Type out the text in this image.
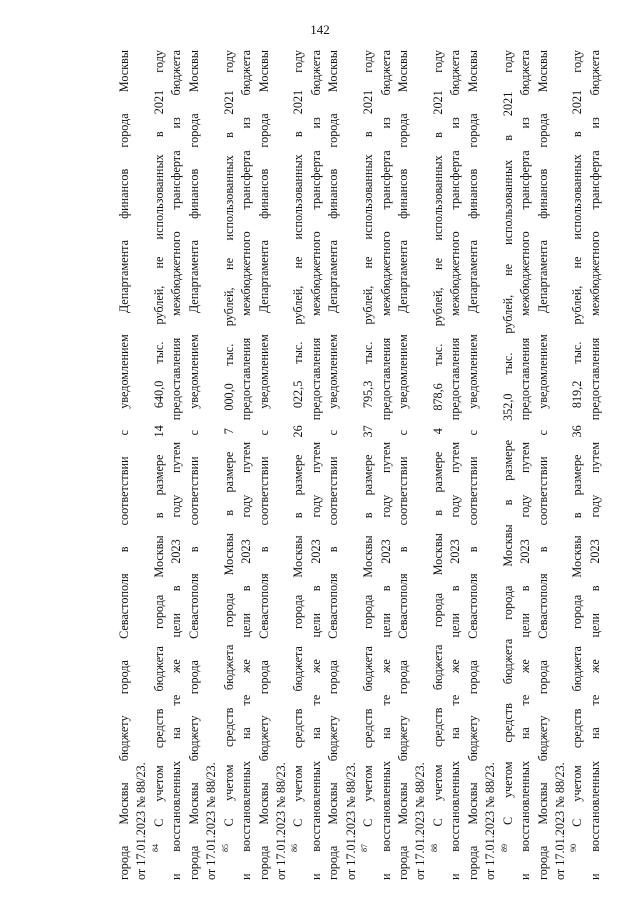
142
города Москвы бюджету города Севастополя в соответствии с уведомлением Департамента финансов города Москвы от 17.01.2023 № 88/23. $^{84}$ С учетом средств бюджета города Москвы в размере 14 640,0 тыс. рублей, не использованных в 2021 году и восстановленных на те же цели в 2023 году путем предоставления межбюджетного трансферта из бюджета города Москвы бюджету города Севастополя в соответствии с уведомлением Департамента финансов города Москвы от 17.01.2023 № 88/23. $^{85}$ С учетом средств бюджета города Москвы в размере 7 000,0 тыс. рублей, не использованных в 2021 году и восстановленных на те же цели в 2023 году путем предоставления межбюджетного трансферта из бюджета города Москвы бюджету города Севастополя в соответствии с уведомлением Департамента финансов города Москвы от 17.01.2023 № 88/23. $^{86}$ С учетом средств бюджета города Москвы в размере 26 022,5 тыс. рублей, не использованных в 2021 году и восстановленных на те же цели в 2023 году путем предоставления межбюджетного трансферта из бюджета города Москвы бюджету города Севастополя в соответствии с уведомлением Департамента финансов города Москвы от 17.01.2023 № 88/23. $^{87}$ С учетом средств бюджета города Москвы в размере 37 795,3 тыс. рублей, не использованных в 2021 году и восстановленных на те же цели в 2023 году путем предоставления межбюджетного трансферта из бюджета города Москвы бюджету города Севастополя в соответствии с уведомлением Департамента финансов города Москвы от 17.01.2023 № 88/23. $^{88}$ С учетом средств бюджета города Москвы в размере 4 878,6 тыс. рублей, не использованных в 2021 году и восстановленных на те же цели в 2023 году путем предоставления межбюджетного трансферта из бюджета города Москвы бюджету города Севастополя в соответствии с уведомлением Департамента финансов города Москвы от 17.01.2023 № 88/23. $^{89}$ С учетом средств бюджета города Москвы в размере 352,0 тыс. рублей, не использованных в 2021 году и восстановленных на те же цели в 2023 году путем предоставления межбюджетного трансферта из бюджета города Москвы бюджету города Севастополя в соответствии с уведомлением Департамента финансов города Москвы от 17.01.2023 № 88/23. $^{90}$ С учетом средств бюджета города Москвы в размере 36 819,2 тыс. рублей, не использованных в 2021 году и восстановленных на те же цели в 2023 году путем предоставления межбюджетного трансферта из бюджета
